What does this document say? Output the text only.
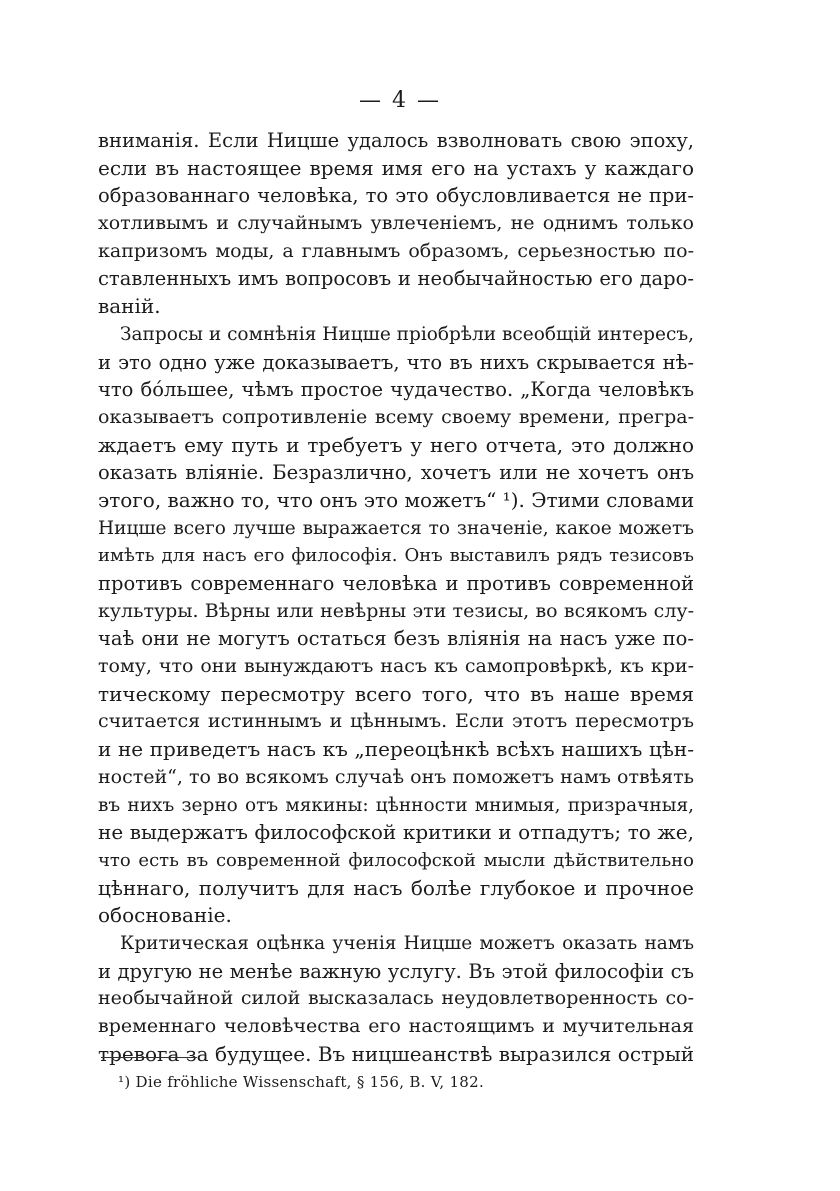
— 4 —
вниманія. Если Ницше удалось взволновать свою эпоху,
если въ настоящее время имя его на устахъ у каждаго
образованнаго человѣка, то это обусловливается не при-
хотливымъ и случайнымъ увлеченіемъ, не однимъ только
капризомъ моды, а главнымъ образомъ, серьезностью по-
ставленныхъ имъ вопросовъ и необычайностью его даро-
ваній.
Запросы и сомнѣнія Ницше пріобрѣли всеобщій интересъ,
и это одно уже доказываетъ, что въ нихъ скрывается нѣ-
что бóльшее, чѣмъ простое чудачество. „Когда человѣкъ
оказываетъ сопротивленіе всему своему времени, прегра-
ждаетъ ему путь и требуетъ у него отчета, это должно
оказать вліяніе. Безразлично, хочетъ или не хочетъ онъ
этого, важно то, что онъ это можетъ“ ¹). Этими словами
Ницше всего лучше выражается то значеніе, какое можетъ
имѣть для насъ его философія. Онъ выставилъ рядъ тезисовъ
противъ современнаго человѣка и противъ современной
культуры. Вѣрны или невѣрны эти тезисы, во всякомъ слу-
чаѣ они не могутъ остаться безъ вліянія на насъ уже по-
тому, что они вынуждаютъ насъ къ самопровѣркѣ, къ кри-
тическому пересмотру всего того, что въ наше время
считается истиннымъ и цѣннымъ. Если этотъ пересмотръ
и не приведетъ насъ къ „переоцѣнкѣ всѣхъ нашихъ цѣн-
ностей“, то во всякомъ случаѣ онъ поможетъ намъ отвѣять
въ нихъ зерно отъ мякины: цѣнности мнимыя, призрачныя,
не выдержатъ философской критики и отпадутъ; то же,
что есть въ современной философской мысли дѣйствительно
цѣннаго, получитъ для насъ болѣе глубокое и прочное
обоснованіе.
Критическая оцѣнка ученія Ницше можетъ оказать намъ
и другую не менѣе важную услугу. Въ этой философіи съ
необычайной силой высказалась неудовлетворенность со-
временнаго человѣчества его настоящимъ и мучительная
тревога за будущее. Въ ницшеанствѣ выразился острый
¹) Die fröhliche Wissenschaft, § 156, B. V, 182.
